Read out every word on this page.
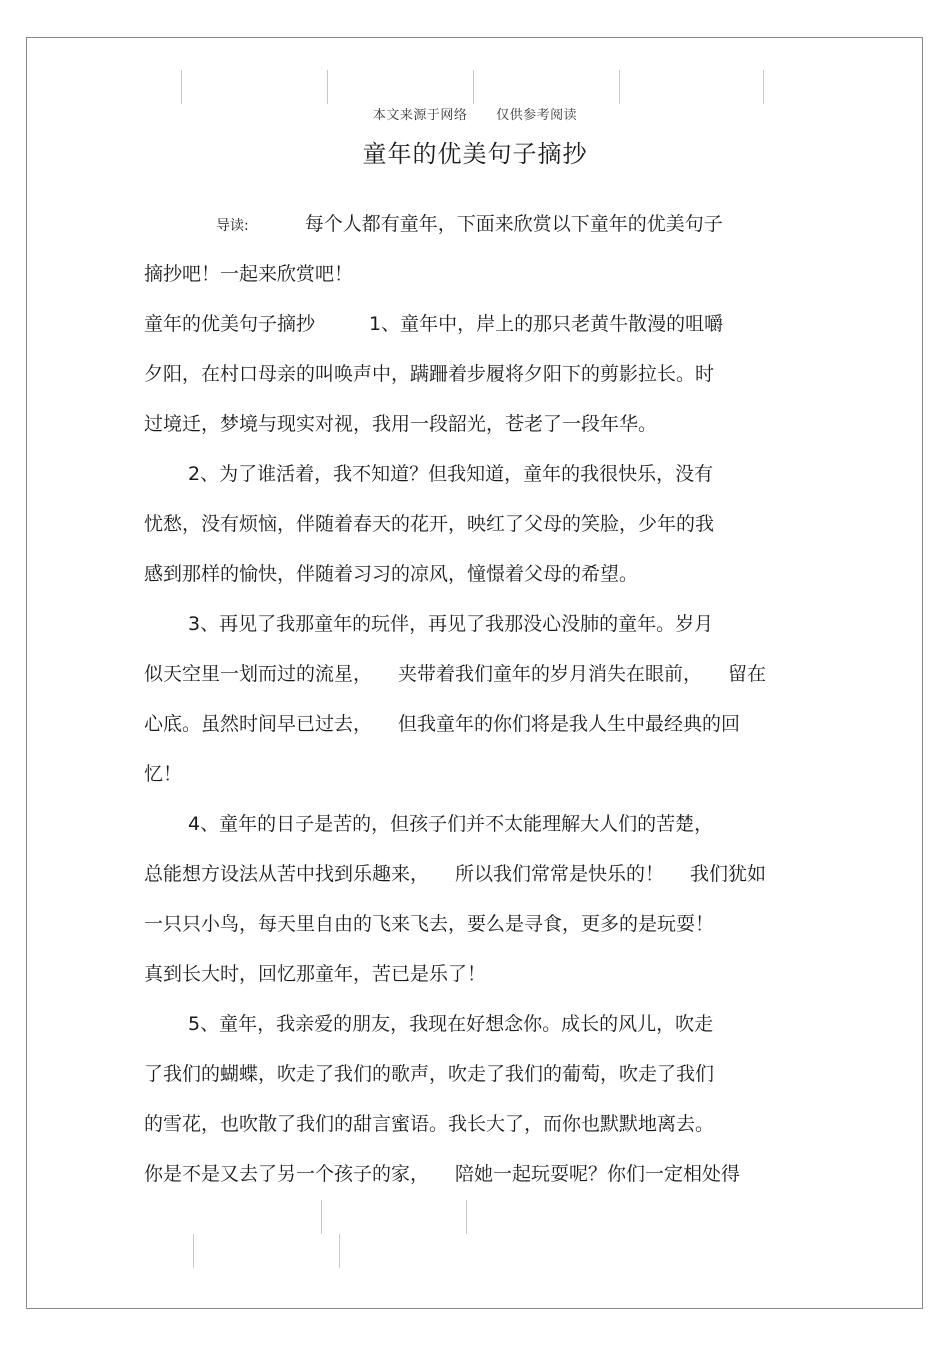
本文来源于网络 仅供参考阅读
童年的优美句子摘抄
导读:	每个人都有童年，下面来欣赏以下童年的优美句子
摘抄吧！一起来欣赏吧！
童年的优美句子摘抄	1、童年中，岸上的那只老黄牛散漫的咀嚼
夕阳，在村口母亲的叫唤声中，蹒跚着步履将夕阳下的剪影拉长。时
过境迁，梦境与现实对视，我用一段韶光，苍老了一段年华。
2、为了谁活着，我不知道？但我知道，童年的我很快乐，没有
忧愁，没有烦恼，伴随着春天的花开，映红了父母的笑脸，少年的我
感到那样的愉快，伴随着习习的凉风，憧憬着父母的希望。
3、再见了我那童年的玩伴，再见了我那没心没肺的童年。岁月
似天空里一划而过的流星， 夹带着我们童年的岁月消失在眼前， 留在
心底。虽然时间早已过去， 但我童年的你们将是我人生中最经典的回
忆！
4、童年的日子是苦的，但孩子们并不太能理解大人们的苦楚，
总能想方设法从苦中找到乐趣来， 所以我们常常是快乐的！ 我们犹如
一只只小鸟，每天里自由的飞来飞去，要么是寻食，更多的是玩耍！
真到长大时，回忆那童年，苦已是乐了！
5、童年，我亲爱的朋友，我现在好想念你。成长的风儿，吹走
了我们的蝴蝶，吹走了我们的歌声，吹走了我们的葡萄，吹走了我们
的雪花，也吹散了我们的甜言蜜语。我长大了，而你也默默地离去。
你是不是又去了另一个孩子的家， 陪她一起玩耍呢？你们一定相处得
